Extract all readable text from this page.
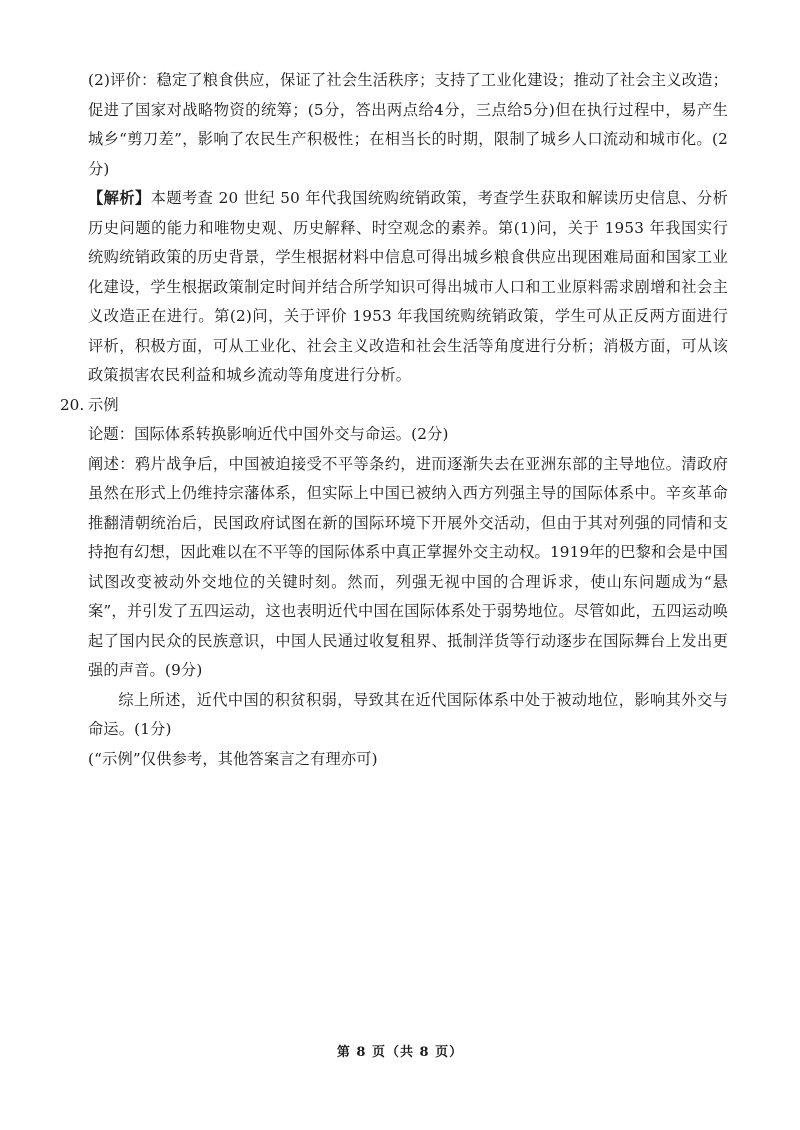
(2)评价：稳定了粮食供应，保证了社会生活秩序；支持了工业化建设；推动了社会主义改造；促进了国家对战略物资的统筹；(5分，答出两点给4分，三点给5分)但在执行过程中，易产生城乡“剪刀差”，影响了农民生产积极性；在相当长的时期，限制了城乡人口流动和城市化。(2分)

【解析】本题考查 20 世纪 50 年代我国统购统销政策，考查学生获取和解读历史信息、分析历史问题的能力和唯物史观、历史解释、时空观念的素养。第(1)问，关于 1953 年我国实行统购统销政策的历史背景，学生根据材料中信息可得出城乡粮食供应出现困难局面和国家工业化建设，学生根据政策制定时间并结合所学知识可得出城市人口和工业原料需求剧增和社会主义改造正在进行。第(2)问，关于评价 1953 年我国统购统销政策，学生可从正反两方面进行评析，积极方面，可从工业化、社会主义改造和社会生活等角度进行分析；消极方面，可从该政策损害农民利益和城乡流动等角度进行分析。

20. 示例

论题：国际体系转换影响近代中国外交与命运。(2分)

阐述：鸦片战争后，中国被迫接受不平等条约，进而逐渐失去在亚洲东部的主导地位。清政府虽然在形式上仍维持宗藩体系，但实际上中国已被纳入西方列强主导的国际体系中。辛亥革命推翻清朝统治后，民国政府试图在新的国际环境下开展外交活动，但由于其对列强的同情和支持抱有幻想，因此难以在不平等的国际体系中真正掌握外交主动权。1919年的巴黎和会是中国试图改变被动外交地位的关键时刻。然而，列强无视中国的合理诉求，使山东问题成为“悬案”，并引发了五四运动，这也表明近代中国在国际体系处于弱势地位。尽管如此，五四运动唤起了国内民众的民族意识，中国人民通过收复租界、抵制洋货等行动逐步在国际舞台上发出更强的声音。(9分)

综上所述，近代中国的积贫积弱，导致其在近代国际体系中处于被动地位，影响其外交与命运。(1分)

(“示例”仅供参考，其他答案言之有理亦可)

第 8 页（共 8 页）
